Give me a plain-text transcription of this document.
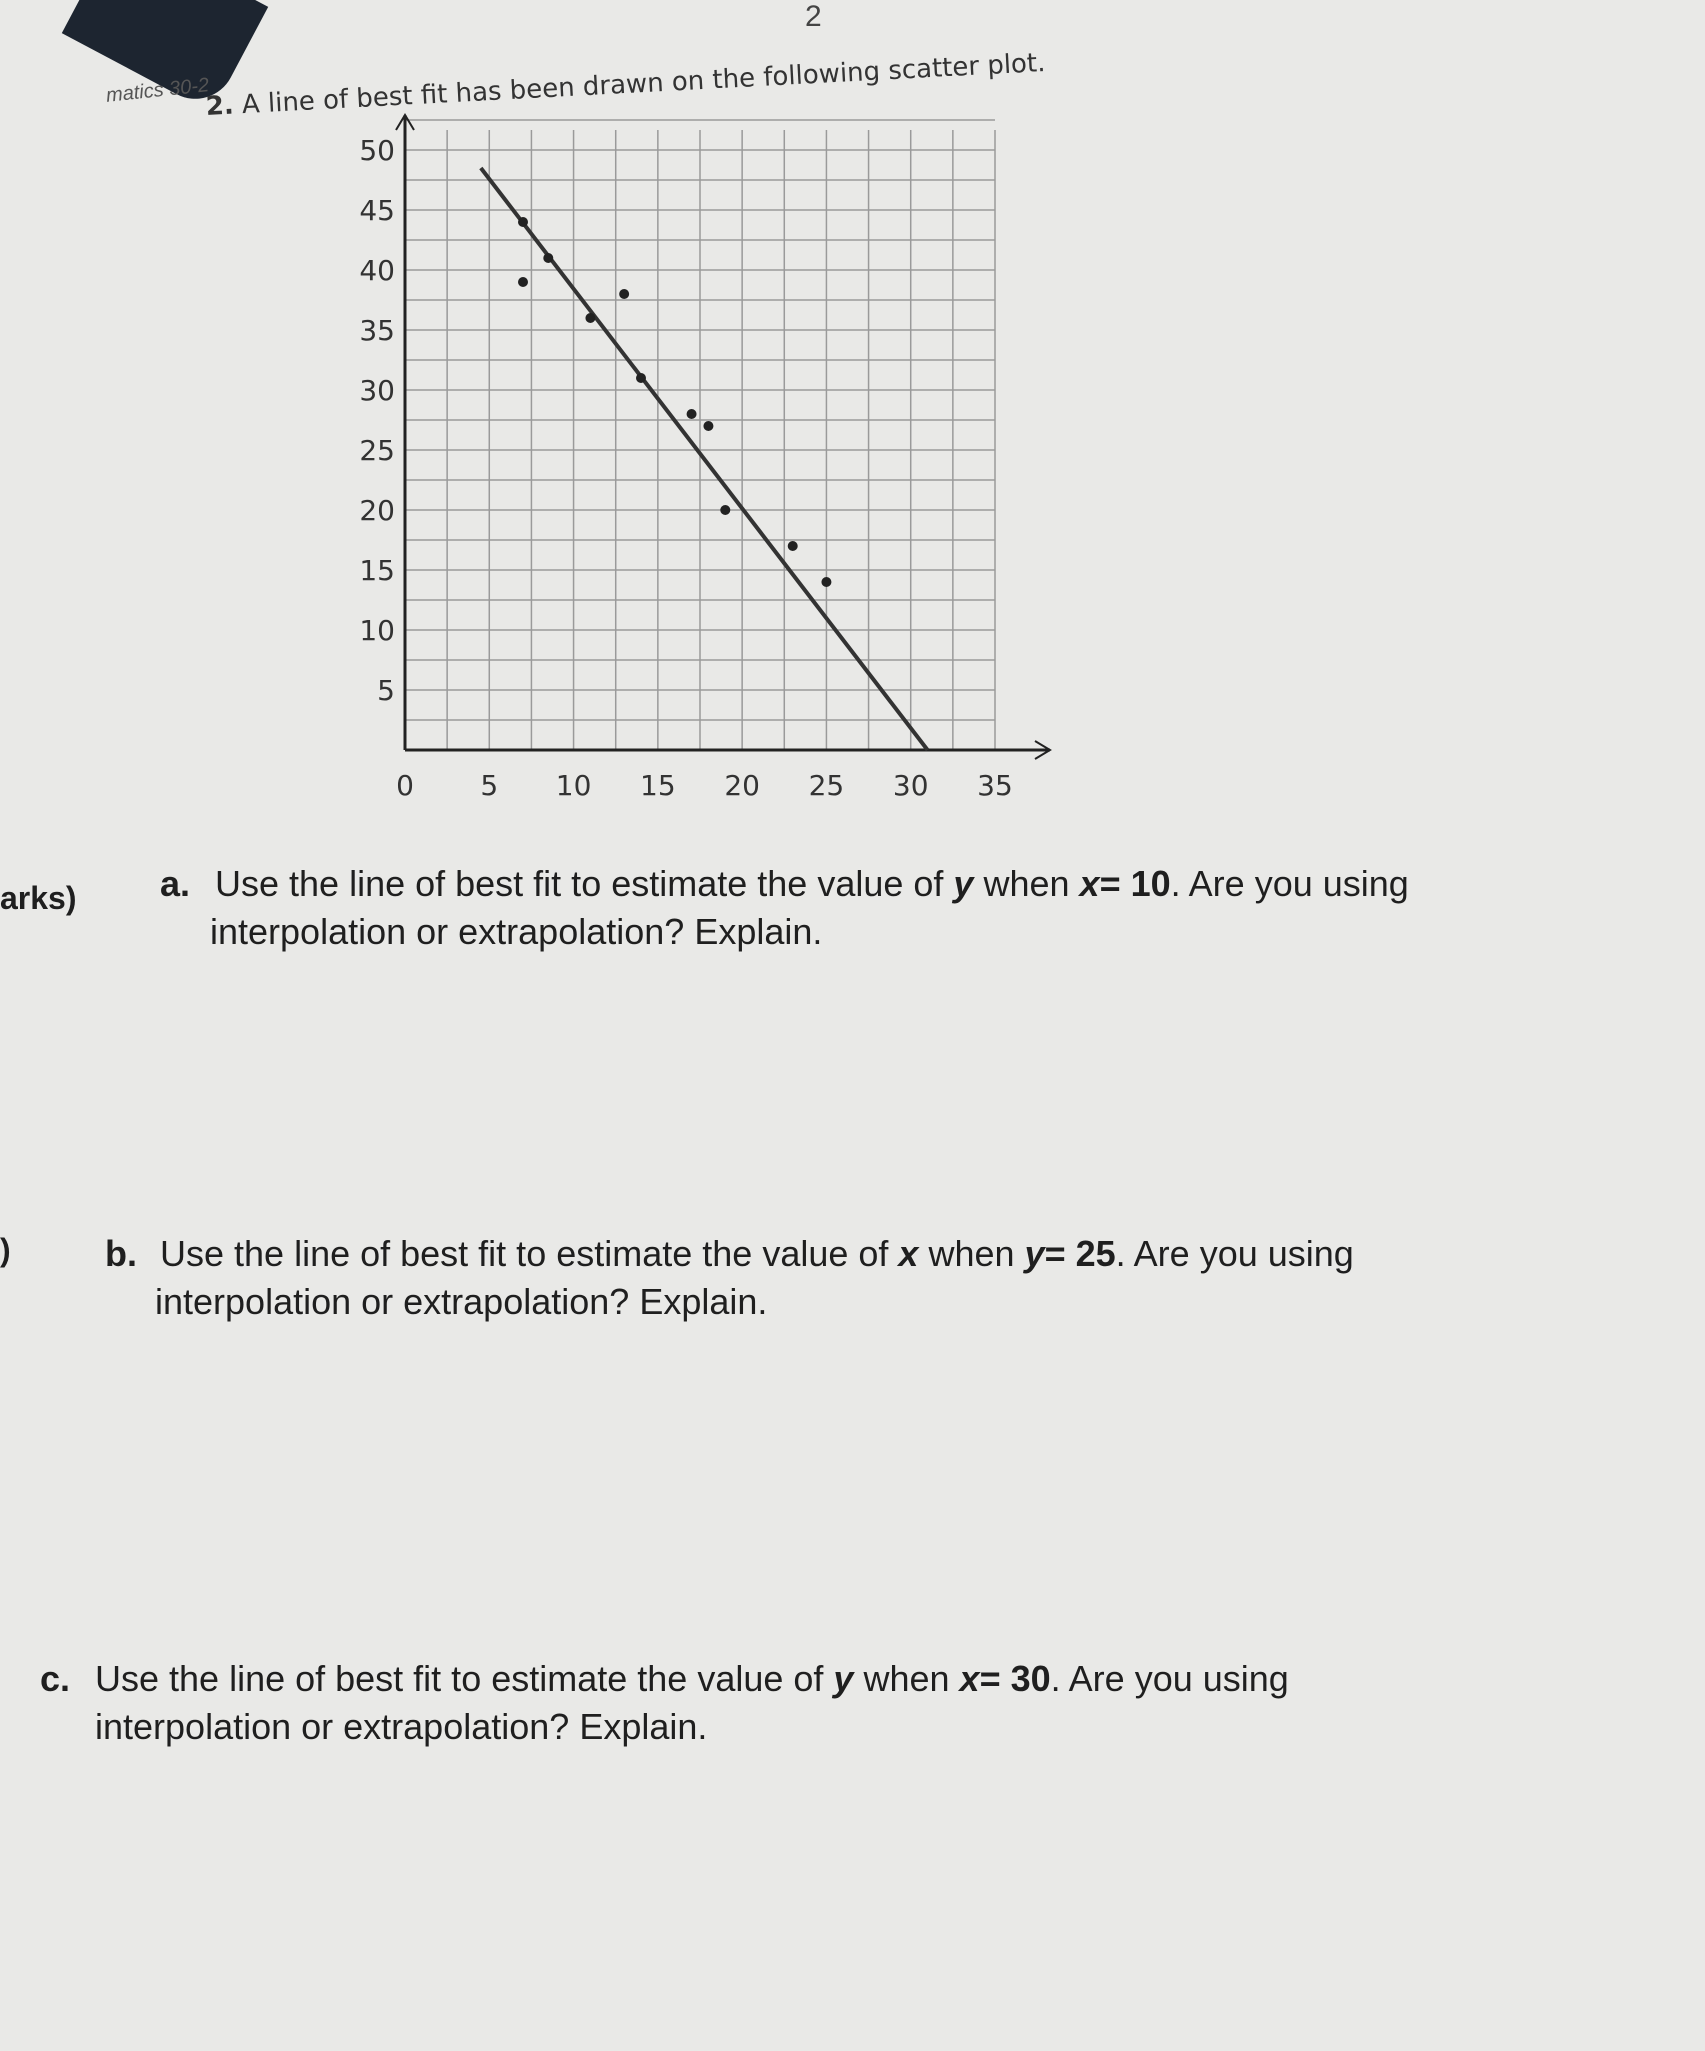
2
matics 30-2
2. A line of best fit has been drawn on the following scatter plot.
0 5 10 15 20 25 30 35
5
10
15
20
25
30
35
40
45
50
arks)
)
a. Use the line of best fit to estimate the value of y when x= 10. Are you using
interpolation or extrapolation? Explain.
b. Use the line of best fit to estimate the value of x when y= 25. Are you using
interpolation or extrapolation? Explain.
c. Use the line of best fit to estimate the value of y when x= 30. Are you using
interpolation or extrapolation? Explain.
